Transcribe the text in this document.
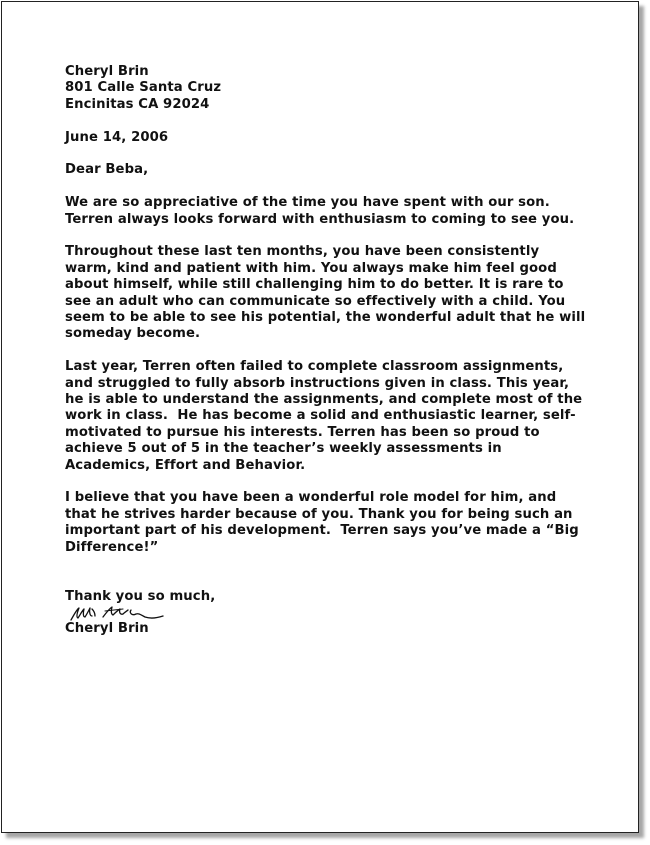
Cheryl Brin
801 Calle Santa Cruz
Encinitas CA 92024
June 14, 2006
Dear Beba,
We are so appreciative of the time you have spent with our son.
Terren always looks forward with enthusiasm to coming to see you.
Throughout these last ten months, you have been consistently
warm, kind and patient with him. You always make him feel good
about himself, while still challenging him to do better. It is rare to
see an adult who can communicate so effectively with a child. You
seem to be able to see his potential, the wonderful adult that he will
someday become.
Last year, Terren often failed to complete classroom assignments,
and struggled to fully absorb instructions given in class. This year,
he is able to understand the assignments, and complete most of the
work in class.  He has become a solid and enthusiastic learner, self-
motivated to pursue his interests. Terren has been so proud to
achieve 5 out of 5 in the teacher’s weekly assessments in
Academics, Effort and Behavior.
I believe that you have been a wonderful role model for him, and
that he strives harder because of you. Thank you for being such an
important part of his development.  Terren says you’ve made a “Big
Difference!”
Thank you so much,
Cheryl Brin
